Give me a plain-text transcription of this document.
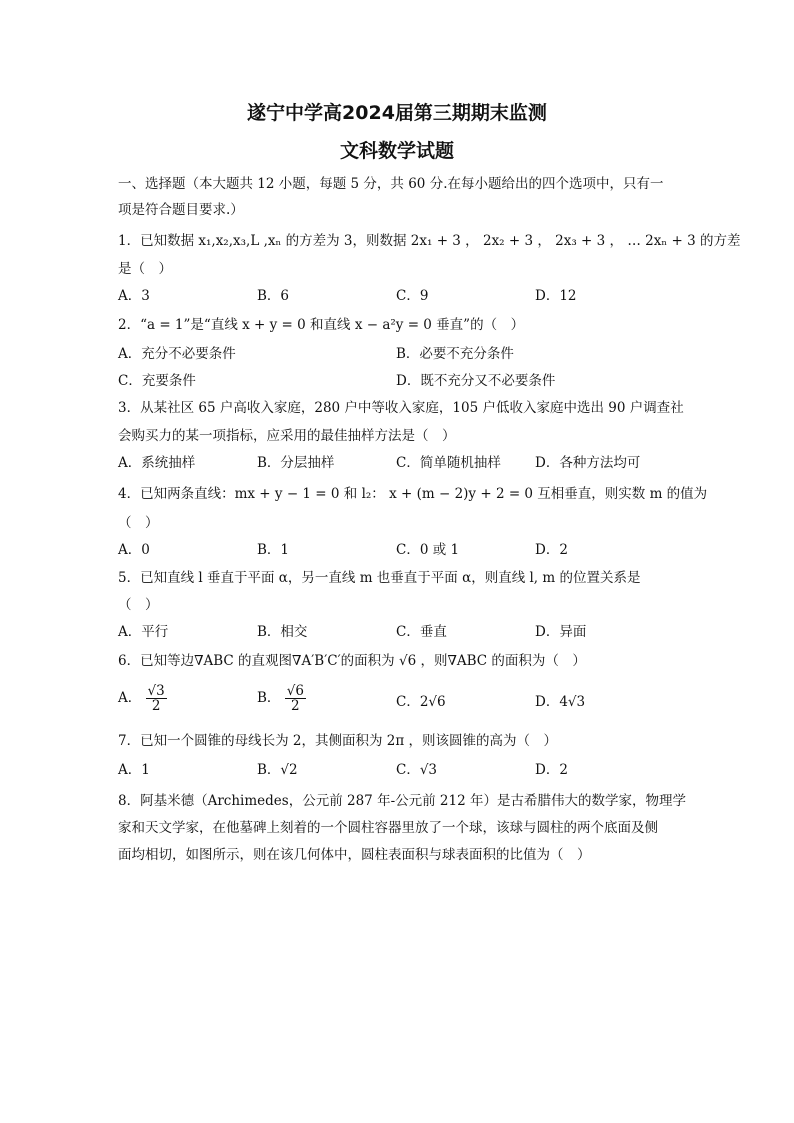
遂宁中学高2024届第三期期末监测
文科数学试题
一、选择题（本大题共 12 小题，每题 5 分，共 60 分.在每小题给出的四个选项中，只有一
项是符合题目要求.）
1．已知数据 x₁,x₂,x₃,L ,xₙ 的方差为 3，则数据 2x₁ + 3 ， 2x₂ + 3 ， 2x₃ + 3 ， … 2xₙ + 3 的方差
是（　）
A．3	B．6	C．9	D．12
2．“a = 1”是“直线 x + y = 0 和直线 x − a²y = 0 垂直”的（　）
A．充分不必要条件	B．必要不充分条件
C．充要条件	D．既不充分又不必要条件
3．从某社区 65 户高收入家庭，280 户中等收入家庭，105 户低收入家庭中选出 90 户调查社
会购买力的某一项指标，应采用的最佳抽样方法是（　）
A．系统抽样	B．分层抽样	C．简单随机抽样	D．各种方法均可
4．已知两条直线：mx + y − 1 = 0 和 l₂： x + (m − 2)y + 2 = 0 互相垂直，则实数 m 的值为
（　）
A．0	B．1	C．0 或 1	D．2
5．已知直线 l 垂直于平面 α，另一直线 m 也垂直于平面 α，则直线 l, m 的位置关系是
（　）
A．平行	B．相交	C．垂直	D．异面
6．已知等边∇ABC 的直观图∇A′B′C′的面积为 √6 ，则∇ABC 的面积为（　）
A． $\frac{√3}{2}$	B． $\frac{√6}{2}$	C．2√6	D．4√3
7．已知一个圆锥的母线长为 2，其侧面积为 2π ，则该圆锥的高为（　）
A．1	B．√2	C．√3	D．2
8．阿基米德（Archimedes，公元前 287 年-公元前 212 年）是古希腊伟大的数学家，物理学
家和天文学家，在他墓碑上刻着的一个圆柱容器里放了一个球，该球与圆柱的两个底面及侧
面均相切，如图所示，则在该几何体中，圆柱表面积与球表面积的比值为（　）
